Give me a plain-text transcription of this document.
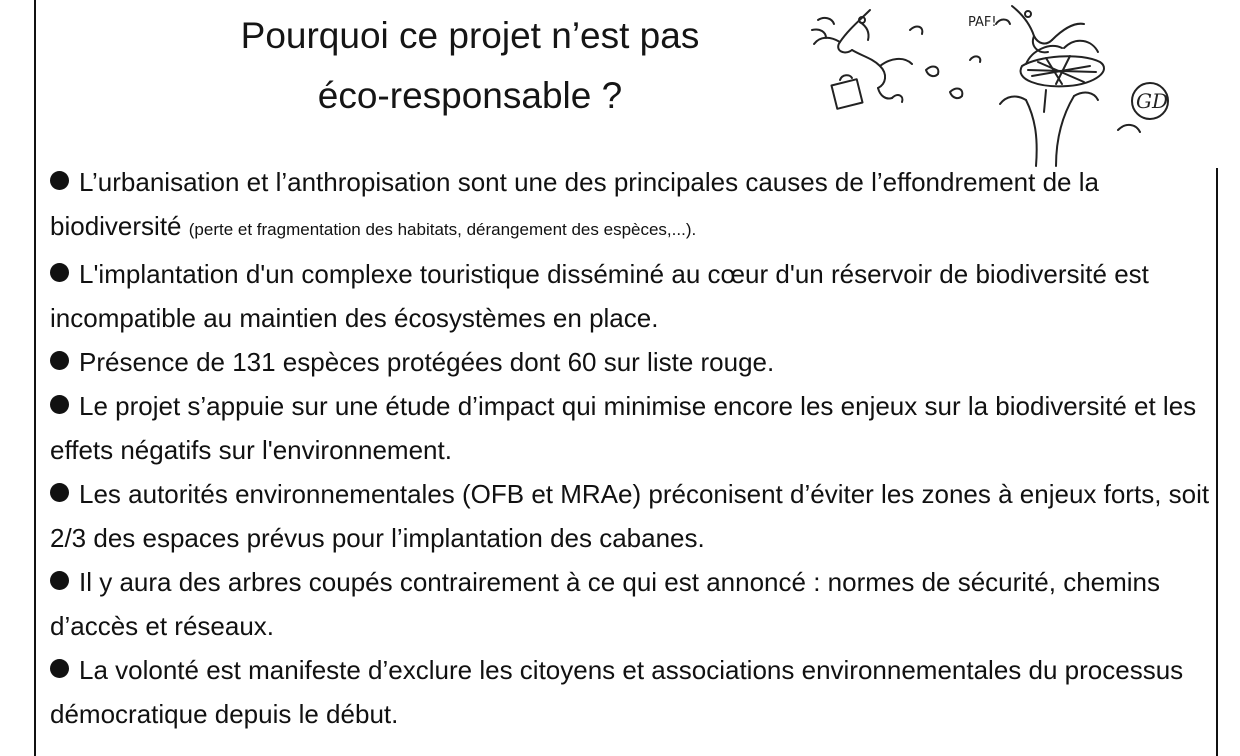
Pourquoi ce projet n’est pas
éco-responsable ?
PAF!
GD
L’urbanisation et l’anthropisation sont une des principales causes de l’effondrement de la biodiversité (perte et fragmentation des habitats, dérangement des espèces,...).
L'implantation d'un complexe touristique disséminé au cœur d'un réservoir de biodiversité est incompatible au maintien des écosystèmes en place.
Présence de 131 espèces protégées dont 60 sur liste rouge.
Le projet s’appuie sur une étude d’impact qui minimise encore les enjeux sur la biodiversité et les effets négatifs sur l'environnement.
Les autorités environnementales (OFB et MRAe) préconisent d’éviter les zones à enjeux forts, soit 2/3 des espaces prévus pour l’implantation des cabanes.
Il y aura des arbres coupés contrairement à ce qui est annoncé : normes de sécurité, chemins d’accès et réseaux.
La volonté est manifeste d’exclure les citoyens et associations environnementales du processus démocratique depuis le début.
